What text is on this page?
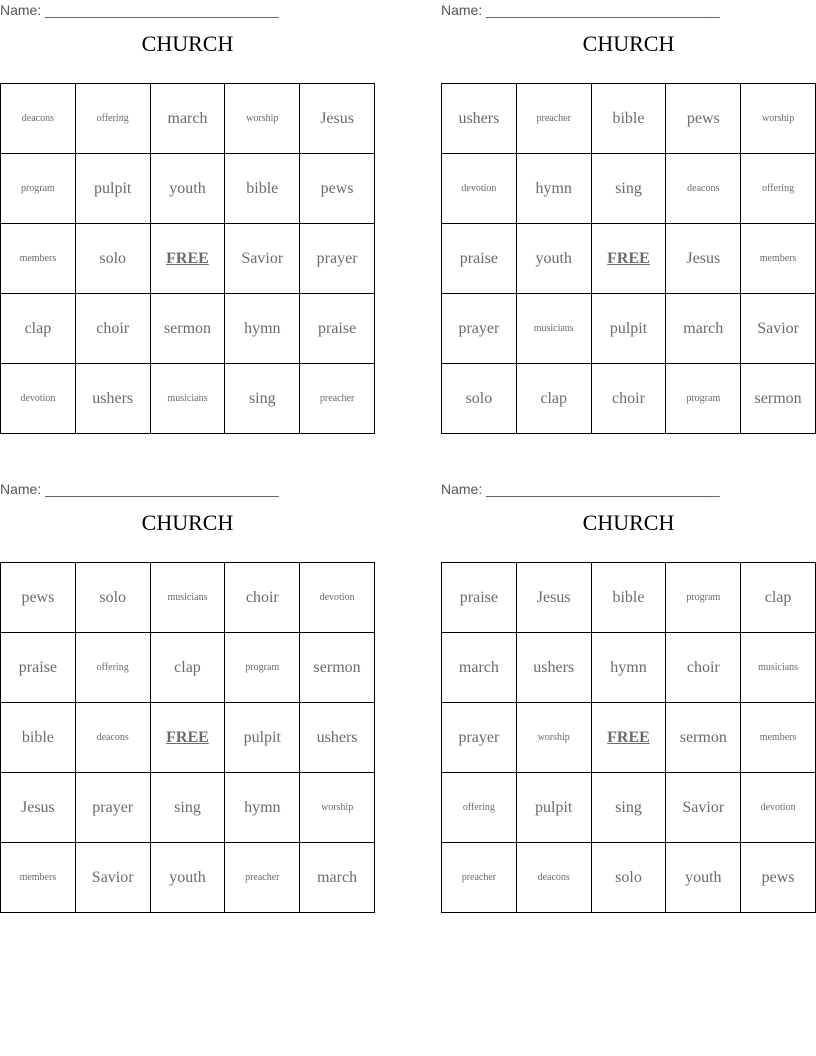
Name: ______________________________
CHURCH
deacons	offering	march	worship	Jesus
program	pulpit	youth	bible	pews
members	solo	FREE	Savior	prayer
clap	choir	sermon	hymn	praise
devotion	ushers	musicians	sing	preacher
Name: ______________________________
CHURCH
ushers	preacher	bible	pews	worship
devotion	hymn	sing	deacons	offering
praise	youth	FREE	Jesus	members
prayer	musicians	pulpit	march	Savior
solo	clap	choir	program	sermon
Name: ______________________________
CHURCH
pews	solo	musicians	choir	devotion
praise	offering	clap	program	sermon
bible	deacons	FREE	pulpit	ushers
Jesus	prayer	sing	hymn	worship
members	Savior	youth	preacher	march
Name: ______________________________
CHURCH
praise	Jesus	bible	program	clap
march	ushers	hymn	choir	musicians
prayer	worship	FREE	sermon	members
offering	pulpit	sing	Savior	devotion
preacher	deacons	solo	youth	pews
